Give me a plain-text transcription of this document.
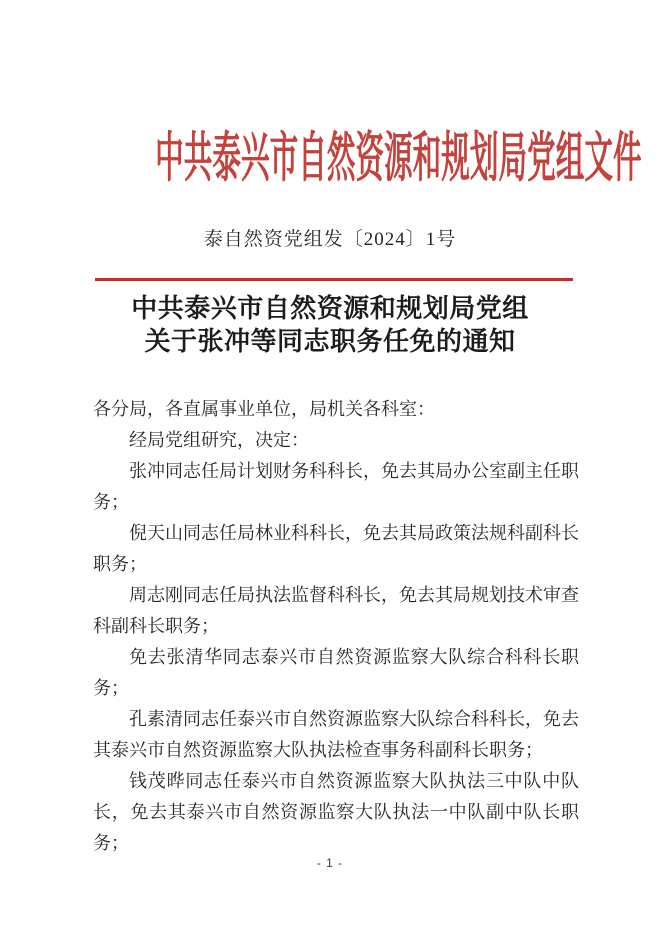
中共泰兴市自然资源和规划局党组文件
泰自然资党组发〔2024〕1号
中共泰兴市自然资源和规划局党组
关于张冲等同志职务任免的通知

各分局，各直属事业单位，局机关各科室：

经局党组研究，决定：

张冲同志任局计划财务科科长，免去其局办公室副主任职务；

倪天山同志任局林业科科长，免去其局政策法规科副科长职务；

周志刚同志任局执法监督科科长，免去其局规划技术审查科副科长职务；

免去张清华同志泰兴市自然资源监察大队综合科科长职务；

孔素清同志任泰兴市自然资源监察大队综合科科长，免去其泰兴市自然资源监察大队执法检查事务科副科长职务；

钱茂晔同志任泰兴市自然资源监察大队执法三中队中队长，免去其泰兴市自然资源监察大队执法一中队副中队长职务；

- 1 -
